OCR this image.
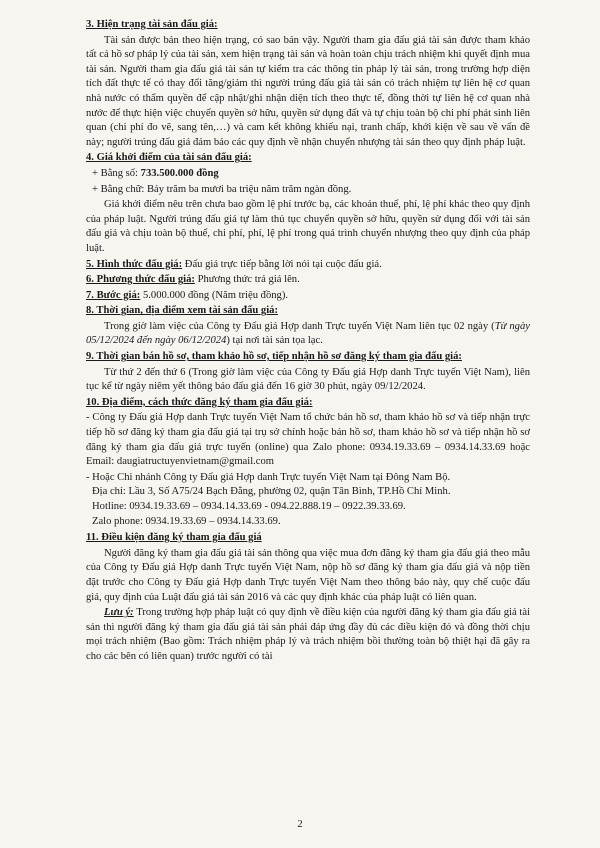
3. Hiện trạng tài sản đấu giá:
Tài sản được bán theo hiện trạng, có sao bán vậy. Người tham gia đấu giá tài sản được tham khảo tất cả hồ sơ pháp lý của tài sản, xem hiện trạng tài sản và hoàn toàn chịu trách nhiệm khi quyết định mua tài sản. Người tham gia đấu giá tài sản tự kiểm tra các thông tin pháp lý tài sản, trong trường hợp diện tích đất thực tế có thay đổi tăng/giảm thì người trúng đấu giá tài sản có trách nhiệm tự liên hệ cơ quan nhà nước có thẩm quyền để cập nhật/ghi nhận diện tích theo thực tế, đồng thời tự liên hệ cơ quan nhà nước để thực hiện việc chuyển quyền sở hữu, quyền sử dụng đất và tự chịu toàn bộ chi phí phát sinh liên quan (chi phí đo vẽ, sang tên,…) và cam kết không khiếu nại, tranh chấp, khởi kiện về sau về vấn đề này; người trúng đấu giá đảm bảo các quy định về nhận chuyển nhượng tài sản theo quy định pháp luật.
4. Giá khởi điểm của tài sản đấu giá:
+ Bằng số: 733.500.000 đồng
+ Bằng chữ: Bảy trăm ba mươi ba triệu năm trăm ngàn đồng.
Giá khởi điểm nêu trên chưa bao gồm lệ phí trước bạ, các khoản thuế, phí, lệ phí khác theo quy định của pháp luật. Người trúng đấu giá tự làm thủ tục chuyển quyền sở hữu, quyền sử dụng đối với tài sản đấu giá và chịu toàn bộ thuế, chi phí, phí, lệ phí trong quá trình chuyển nhượng theo quy định của pháp luật.
5. Hình thức đấu giá: Đấu giá trực tiếp bằng lời nói tại cuộc đấu giá.
6. Phương thức đấu giá: Phương thức trả giá lên.
7. Bước giá: 5.000.000 đồng (Năm triệu đồng).
8. Thời gian, địa điểm xem tài sản đấu giá:
Trong giờ làm việc của Công ty Đấu giá Hợp danh Trực tuyến Việt Nam liên tục 02 ngày (Từ ngày 05/12/2024 đến ngày 06/12/2024) tại nơi tài sản tọa lạc.
9. Thời gian bán hồ sơ, tham khảo hồ sơ, tiếp nhận hồ sơ đăng ký tham gia đấu giá:
Từ thứ 2 đến thứ 6 (Trong giờ làm việc của Công ty Đấu giá Hợp danh Trực tuyến Việt Nam), liên tục kể từ ngày niêm yết thông báo đấu giá đến 16 giờ 30 phút, ngày 09/12/2024.
10. Địa điểm, cách thức đăng ký tham gia đấu giá:
- Công ty Đấu giá Hợp danh Trực tuyến Việt Nam tổ chức bán hồ sơ, tham khảo hồ sơ và tiếp nhận trực tiếp hồ sơ đăng ký tham gia đấu giá tại trụ sở chính hoặc bán hồ sơ, tham khảo hồ sơ và tiếp nhận hồ sơ đăng ký tham gia đấu giá trực tuyến (online) qua Zalo phone: 0934.19.33.69 – 0934.14.33.69 hoặc Email: daugiatructuyenvietnam@gmail.com
- Hoặc Chi nhánh Công ty Đấu giá Hợp danh Trực tuyến Việt Nam tại Đông Nam Bộ.
Địa chỉ: Lầu 3, Số A75/24 Bạch Đằng, phường 02, quận Tân Bình, TP.Hồ Chí Minh.
Hotline: 0934.19.33.69 – 0934.14.33.69 - 094.22.888.19 – 0922.39.33.69.
Zalo phone: 0934.19.33.69 – 0934.14.33.69.
11. Điều kiện đăng ký tham gia đấu giá
Người đăng ký tham gia đấu giá tài sản thông qua việc mua đơn đăng ký tham gia đấu giá theo mẫu của Công ty Đấu giá Hợp danh Trực tuyến Việt Nam, nộp hồ sơ đăng ký tham gia đấu giá và nộp tiền đặt trước cho Công ty Đấu giá Hợp danh Trực tuyến Việt Nam theo thông báo này, quy chế cuộc đấu giá, quy định của Luật đấu giá tài sản 2016 và các quy định khác của pháp luật có liên quan.
Lưu ý: Trong trường hợp pháp luật có quy định về điều kiện của người đăng ký tham gia đấu giá tài sản thì người đăng ký tham gia đấu giá tài sản phải đáp ứng đầy đủ các điều kiện đó và đồng thời chịu mọi trách nhiệm (Bao gồm: Trách nhiệm pháp lý và trách nhiệm bồi thường toàn bộ thiệt hại đã gây ra cho các bên có liên quan) trước người có tài
2
